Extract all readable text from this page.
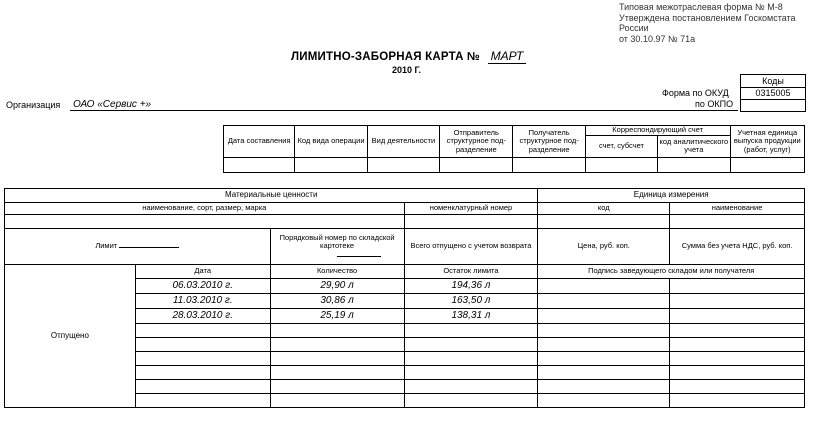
Типовая межотраслевая форма № М-8
Утверждена постановлением Госкомстата
России
от 30.10.97 № 71а
ЛИМИТНО-ЗАБОРНАЯ КАРТА № МАРТ
2010 Г.
Форма по ОКУД
по ОКПО
Коды
0315005

Организация ОАО «Сервис +»
Дата составления	Код вида операции	Вид деятельности	Отправитель структурное под-разделение	Получатель структурное под-разделение	Корреспондирующий счет		Учетная единица выпуска продукции (работ, услуг)
					счет, субсчет	код аналитического учета	

Материальные ценности				Единица измерения	
наименование, сорт, размер, марка			номенклатурный номер	код	наименование

Лимит		Порядковый номер по складской картотеке	Всего отпущено с учетом возврата	Цена, руб. коп.	Сумма без учета НДС, руб. коп.
Отпущено	Дата	Количество	Остаток лимита	Подпись заведующего складом или получателя	
	06.03.2010 г.	29,90 л	194,36 л		
	11.03.2010 г.	30,86 л	163,50 л		
	28.03.2010 г.	25,19 л	138,31 л		
